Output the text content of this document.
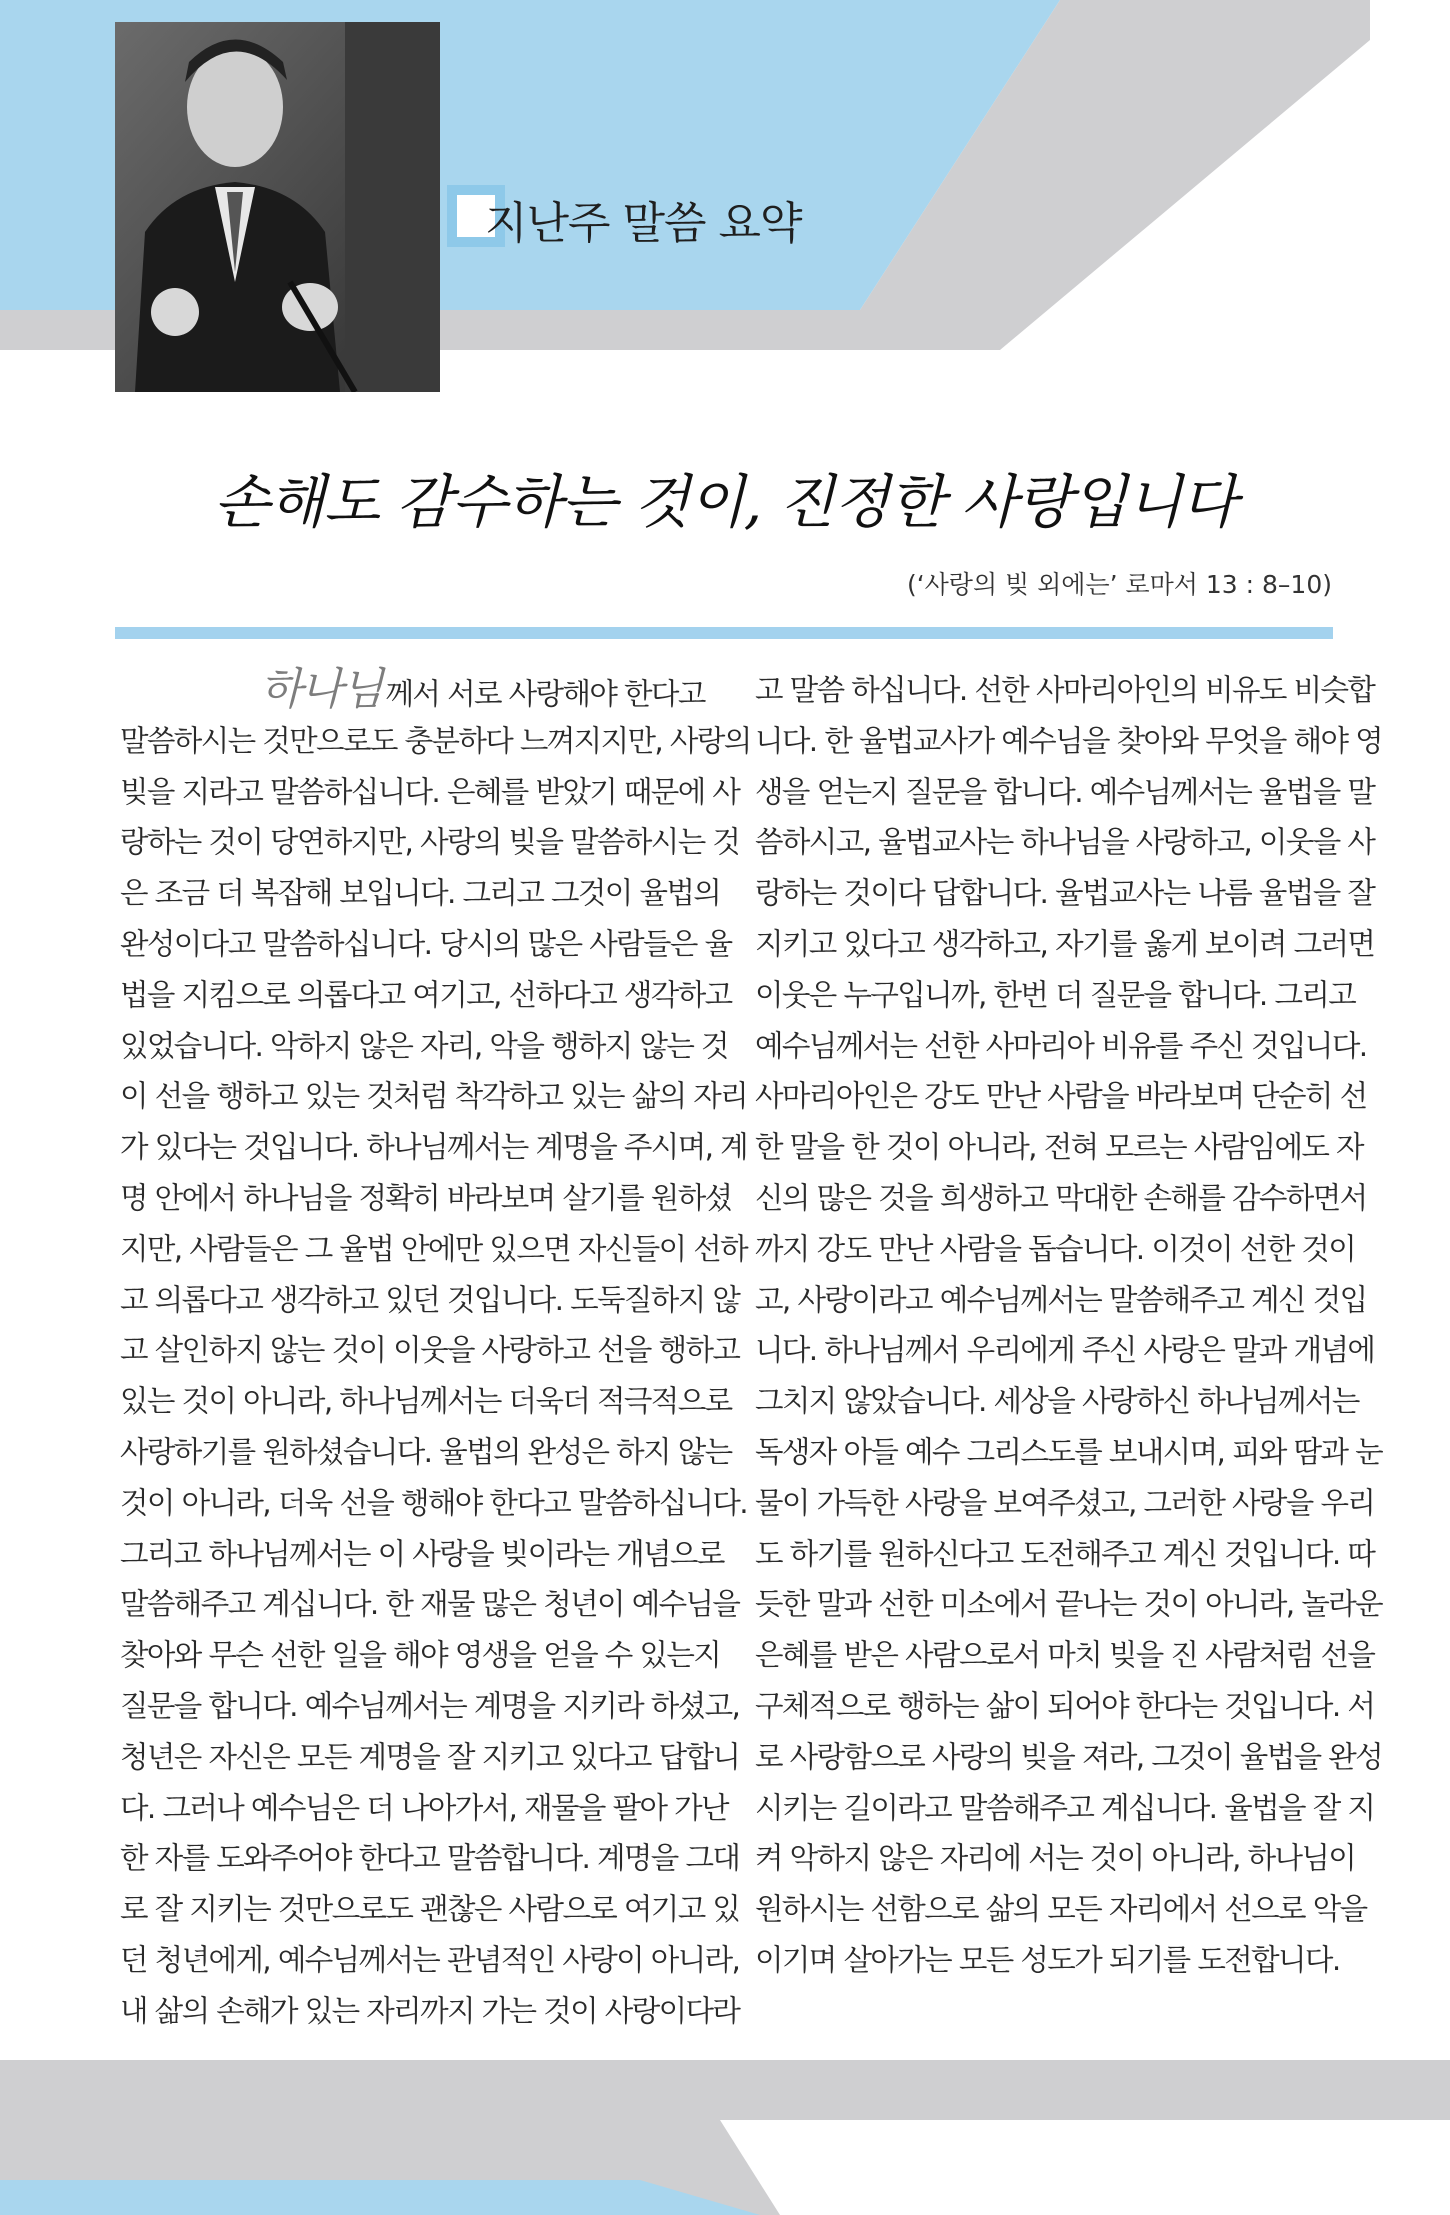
지난주 말씀 요약
손해도 감수하는 것이, 진정한 사랑입니다
(‘사랑의 빚 외에는’ 로마서 13 : 8–10)
하나님 께서 서로 사랑해야 한다고
말씀하시는 것만으로도 충분하다 느껴지지만, 사랑의
빚을 지라고 말씀하십니다. 은혜를 받았기 때문에 사
랑하는 것이 당연하지만, 사랑의 빚을 말씀하시는 것
은 조금 더 복잡해 보입니다. 그리고 그것이 율법의
완성이다고 말씀하십니다. 당시의 많은 사람들은 율
법을 지킴으로 의롭다고 여기고, 선하다고 생각하고
있었습니다. 악하지 않은 자리, 악을 행하지 않는 것
이 선을 행하고 있는 것처럼 착각하고 있는 삶의 자리
가 있다는 것입니다. 하나님께서는 계명을 주시며, 계
명 안에서 하나님을 정확히 바라보며 살기를 원하셨
지만, 사람들은 그 율법 안에만 있으면 자신들이 선하
고 의롭다고 생각하고 있던 것입니다. 도둑질하지 않
고 살인하지 않는 것이 이웃을 사랑하고 선을 행하고
있는 것이 아니라, 하나님께서는 더욱더 적극적으로
사랑하기를 원하셨습니다. 율법의 완성은 하지 않는
것이 아니라, 더욱 선을 행해야 한다고 말씀하십니다.
그리고 하나님께서는 이 사랑을 빚이라는 개념으로
말씀해주고 계십니다. 한 재물 많은 청년이 예수님을
찾아와 무슨 선한 일을 해야 영생을 얻을 수 있는지
질문을 합니다. 예수님께서는 계명을 지키라 하셨고,
청년은 자신은 모든 계명을 잘 지키고 있다고 답합니
다. 그러나 예수님은 더 나아가서, 재물을 팔아 가난
한 자를 도와주어야 한다고 말씀합니다. 계명을 그대
로 잘 지키는 것만으로도 괜찮은 사람으로 여기고 있
던 청년에게, 예수님께서는 관념적인 사랑이 아니라,
내 삶의 손해가 있는 자리까지 가는 것이 사랑이다라
고 말씀 하십니다. 선한 사마리아인의 비유도 비슷합
니다. 한 율법교사가 예수님을 찾아와 무엇을 해야 영
생을 얻는지 질문을 합니다. 예수님께서는 율법을 말
씀하시고, 율법교사는 하나님을 사랑하고, 이웃을 사
랑하는 것이다 답합니다. 율법교사는 나름 율법을 잘
지키고 있다고 생각하고, 자기를 옳게 보이려 그러면
이웃은 누구입니까, 한번 더 질문을 합니다. 그리고
예수님께서는 선한 사마리아 비유를 주신 것입니다.
사마리아인은 강도 만난 사람을 바라보며 단순히 선
한 말을 한 것이 아니라, 전혀 모르는 사람임에도 자
신의 많은 것을 희생하고 막대한 손해를 감수하면서
까지 강도 만난 사람을 돕습니다. 이것이 선한 것이
고, 사랑이라고 예수님께서는 말씀해주고 계신 것입
니다. 하나님께서 우리에게 주신 사랑은 말과 개념에
그치지 않았습니다. 세상을 사랑하신 하나님께서는
독생자 아들 예수 그리스도를 보내시며, 피와 땀과 눈
물이 가득한 사랑을 보여주셨고, 그러한 사랑을 우리
도 하기를 원하신다고 도전해주고 계신 것입니다. 따
듯한 말과 선한 미소에서 끝나는 것이 아니라, 놀라운
은혜를 받은 사람으로서 마치 빚을 진 사람처럼 선을
구체적으로 행하는 삶이 되어야 한다는 것입니다. 서
로 사랑함으로 사랑의 빚을 져라, 그것이 율법을 완성
시키는 길이라고 말씀해주고 계십니다. 율법을 잘 지
켜 악하지 않은 자리에 서는 것이 아니라, 하나님이
원하시는 선함으로 삶의 모든 자리에서 선으로 악을
이기며 살아가는 모든 성도가 되기를 도전합니다.
